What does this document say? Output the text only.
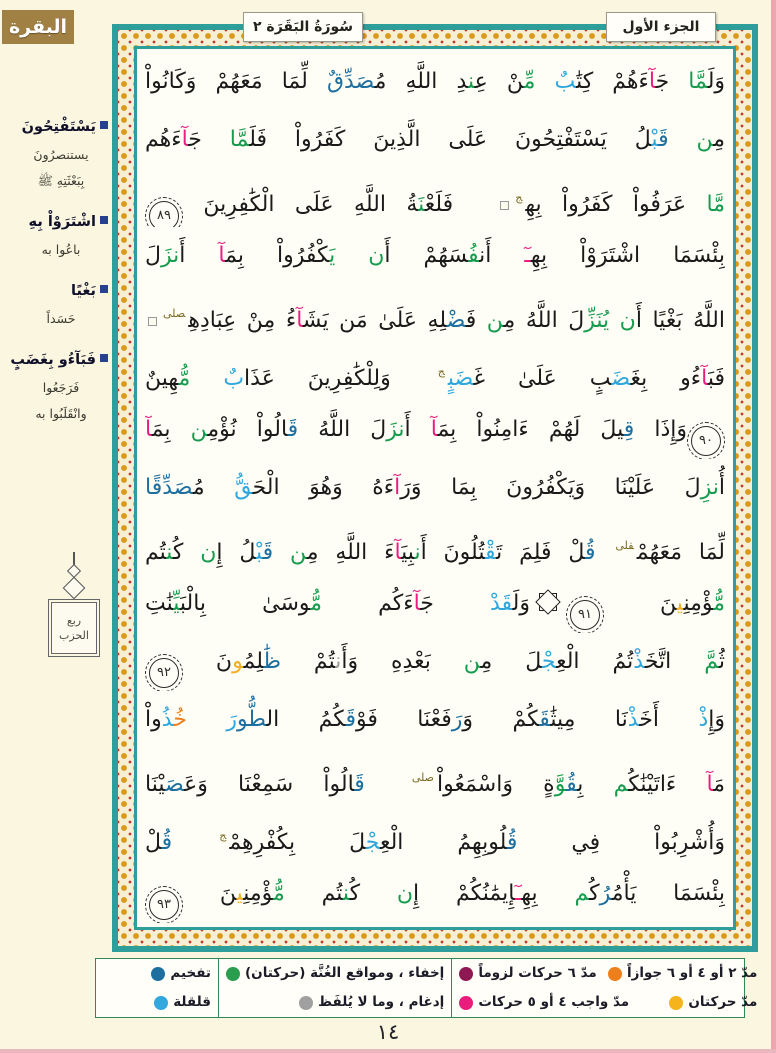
البقرة
وَلَمَّا جَآءَهُمْ كِتَٰبٌ مِّنْ عِندِ اللَّهِ مُصَدِّقٌ لِّمَا مَعَهُمْ وَكَانُواْ
مِن قَبْلُ يَسْتَفْتِحُونَ عَلَى الَّذِينَ كَفَرُواْ فَلَمَّا جَآءَهُم
مَّا عَرَفُواْ كَفَرُواْ بِهِ$^ج$فَلَعْنَةُ اللَّهِ عَلَى الْكَٰفِرِينَ ٨٩
بِئْسَمَا اشْتَرَوْاْ بِهِـٓ أَنفُسَهُمْ أَن يَكْفُرُواْ بِمَآ أَنزَلَ
اللَّهُ بَغْيًا أَن يُنَزِّلَ اللَّهُ مِن فَضْلِهِ عَلَىٰ مَن يَشَآءُ مِنْ عِبَادِهِ$^{صلى}$
فَبَآءُو بِغَضَبٍ عَلَىٰ غَضَبٍ$^ج$وَلِلْكَٰفِرِينَ عَذَابٌ مُّهِينٌ
٩٠وَإِذَا قِيلَ لَهُمْ ءَامِنُواْ بِمَآ أَنزَلَ اللَّهُ قَالُواْ نُؤْمِن بِمَآ
أُنزِلَ عَلَيْنَا وَيَكْفُرُونَ بِمَا وَرَآءَهُ وَهُوَ الْحَقُّ مُصَدِّقًا
لِّمَا مَعَهُمْ$^{قلى}$ قُلْ فَلِمَ تَقْتُلُونَ أَنبِيَآءَ اللَّهِ مِن قَبْلُ إِن كُنتُم
مُّؤْمِنِينَ ٩١وَلَقَدْ جَآءَكُم مُّوسَىٰ بِالْبَيِّنَٰتِ
ثُمَّ اتَّخَذْتُمُ الْعِجْلَ مِن بَعْدِهِ وَأَنتُمْ ظَٰلِمُونَ ٩٢
وَإِذْ أَخَذْنَا مِيثَٰقَكُمْ وَرَفَعْنَا فَوْقَكُمُ الطُّورَ خُذُواْ
مَآ ءَاتَيْنَٰكُم بِقُوَّةٍ وَاسْمَعُواْ$^{صلى}$قَالُواْ سَمِعْنَا وَعَصَيْنَا
وَأُشْرِبُواْ فِي قُلُوبِهِمُ الْعِجْلَ بِكُفْرِهِمْ$^ج$قُلْ
بِئْسَمَا يَأْمُرُكُم بِهِـٓإِيمَٰنُكُمْ إِن كُنتُم مُّؤْمِنِينَ ٩٣
سُورَةُ البَقَرَة ٢	الجزء الأول
يَسْتَفْتِحُونَ
يستنصرُونَ
بِبَعْثَتِهِ ﷺ
اشْتَرَوْاْ بِهِ
باعُوا به
بَغْيًا
حَسَداً
فَبَآءُو بِغَضَبٍ
فَرَجَعُوا
وانْقَلَبُوا به
ربع
الحزب
تفخيم
قلقلة
إخفاء ، ومواقع الغُنَّة (حركتان)
إدغام ، وما لا يُلفَظ
مدّ ٦ حركات لزوماً مدّ ٢ أو ٤ أو ٦ جوازاً
مدّ واجب ٤ أو ٥ حركات	مدّ حركتان
١٤
